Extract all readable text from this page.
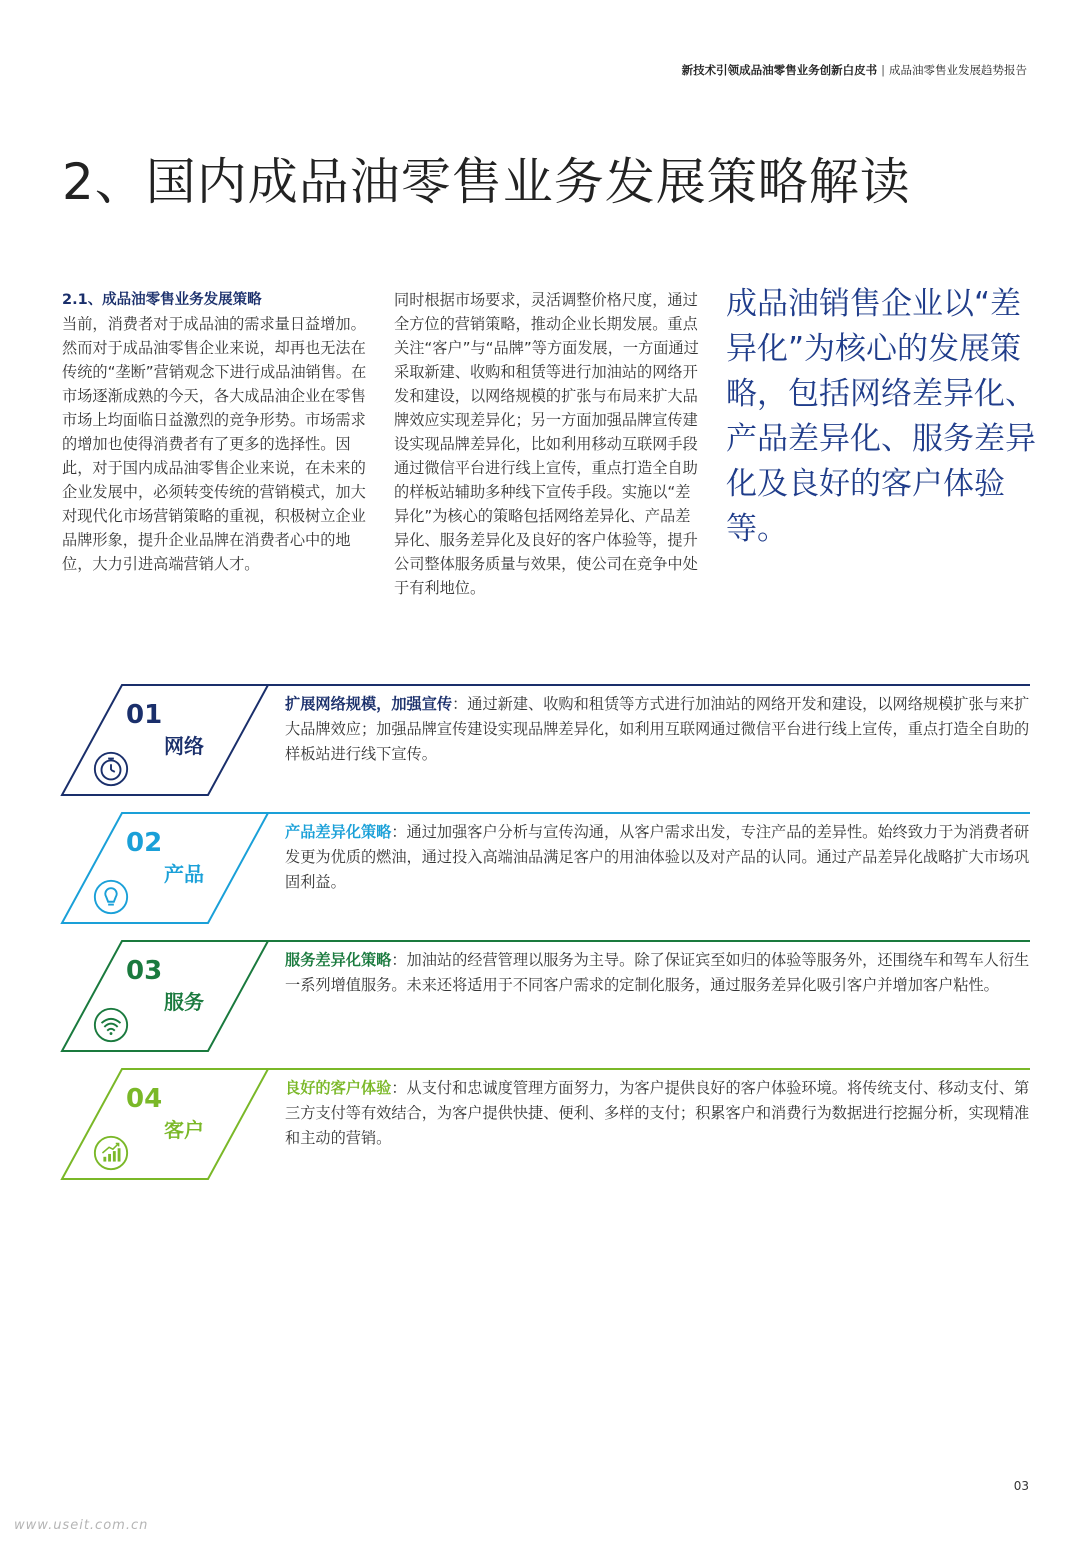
新技术引领成品油零售业务创新白皮书 | 成品油零售业发展趋势报告
2、国内成品油零售业务发展策略解读
2.1、成品油零售业务发展策略
当前，消费者对于成品油的需求量日益增加。然而对于成品油零售企业来说，却再也无法在传统的“垄断”营销观念下进行成品油销售。在市场逐渐成熟的今天，各大成品油企业在零售市场上均面临日益激烈的竞争形势。市场需求的增加也使得消费者有了更多的选择性。因此，对于国内成品油零售企业来说，在未来的企业发展中，必须转变传统的营销模式，加大对现代化市场营销策略的重视，积极树立企业品牌形象，提升企业品牌在消费者心中的地位，大力引进高端营销人才。
同时根据市场要求，灵活调整价格尺度，通过全方位的营销策略，推动企业长期发展。重点关注“客户”与“品牌”等方面发展，一方面通过采取新建、收购和租赁等进行加油站的网络开发和建设，以网络规模的扩张与布局来扩大品牌效应实现差异化；另一方面加强品牌宣传建设实现品牌差异化，比如利用移动互联网手段通过微信平台进行线上宣传，重点打造全自助的样板站辅助多种线下宣传手段。实施以“差异化”为核心的策略包括网络差异化、产品差异化、服务差异化及良好的客户体验等，提升公司整体服务质量与效果，使公司在竞争中处于有利地位。

成品油销售企业以“差异化”为核心的发展策略，包括网络差异化、产品差异化、服务差异化及良好的客户体验等。

01
网络
扩展网络规模，加强宣传：通过新建、收购和租赁等方式进行加油站的网络开发和建设，以网络规模扩张与来扩大品牌效应；加强品牌宣传建设实现品牌差异化，如利用互联网通过微信平台进行线上宣传，重点打造全自助的样板站进行线下宣传。
02
产品
产品差异化策略：通过加强客户分析与宣传沟通，从客户需求出发，专注产品的差异性。始终致力于为消费者研发更为优质的燃油，通过投入高端油品满足客户的用油体验以及对产品的认同。通过产品差异化战略扩大市场巩固利益。
03
服务
服务差异化策略：加油站的经营管理以服务为主导。除了保证宾至如归的体验等服务外，还围绕车和驾车人衍生一系列增值服务。未来还将适用于不同客户需求的定制化服务，通过服务差异化吸引客户并增加客户粘性。
04
客户
良好的客户体验：从支付和忠诚度管理方面努力，为客户提供良好的客户体验环境。将传统支付、移动支付、第三方支付等有效结合，为客户提供快捷、便利、多样的支付；积累客户和消费行为数据进行挖掘分析，实现精准和主动的营销。
03
www.useit.com.cn
